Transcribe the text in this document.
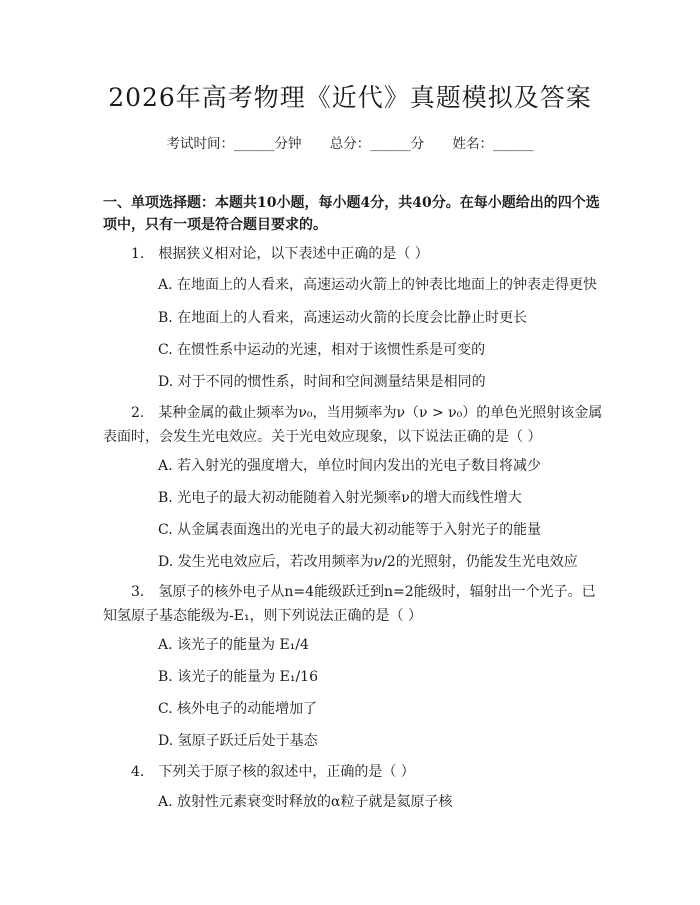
2026年高考物理《近代》真题模拟及答案
考试时间：______分钟 总分：______分 姓名：______
一、单项选择题：本题共10小题，每小题4分，共40分。在每小题给出的四个选项中，只有一项是符合题目要求的。
1. 根据狭义相对论，以下表述中正确的是（ ）
A. 在地面上的人看来，高速运动火箭上的钟表比地面上的钟表走得更快
B. 在地面上的人看来，高速运动火箭的长度会比静止时更长
C. 在惯性系中运动的光速，相对于该惯性系是可变的
D. 对于不同的惯性系，时间和空间测量结果是相同的
2. 某种金属的截止频率为ν₀，当用频率为ν（ν > ν₀）的单色光照射该金属表面时，会发生光电效应。关于光电效应现象，以下说法正确的是（ ）
A. 若入射光的强度增大，单位时间内发出的光电子数目将减少
B. 光电子的最大初动能随着入射光频率ν的增大而线性增大
C. 从金属表面逸出的光电子的最大初动能等于入射光子的能量
D. 发生光电效应后，若改用频率为ν/2的光照射，仍能发生光电效应
3. 氢原子的核外电子从n=4能级跃迁到n=2能级时，辐射出一个光子。已知氢原子基态能级为-E₁，则下列说法正确的是（ ）
A. 该光子的能量为 E₁/4
B. 该光子的能量为 E₁/16
C. 核外电子的动能增加了
D. 氢原子跃迁后处于基态
4. 下列关于原子核的叙述中，正确的是（ ）
A. 放射性元素衰变时释放的α粒子就是氦原子核
